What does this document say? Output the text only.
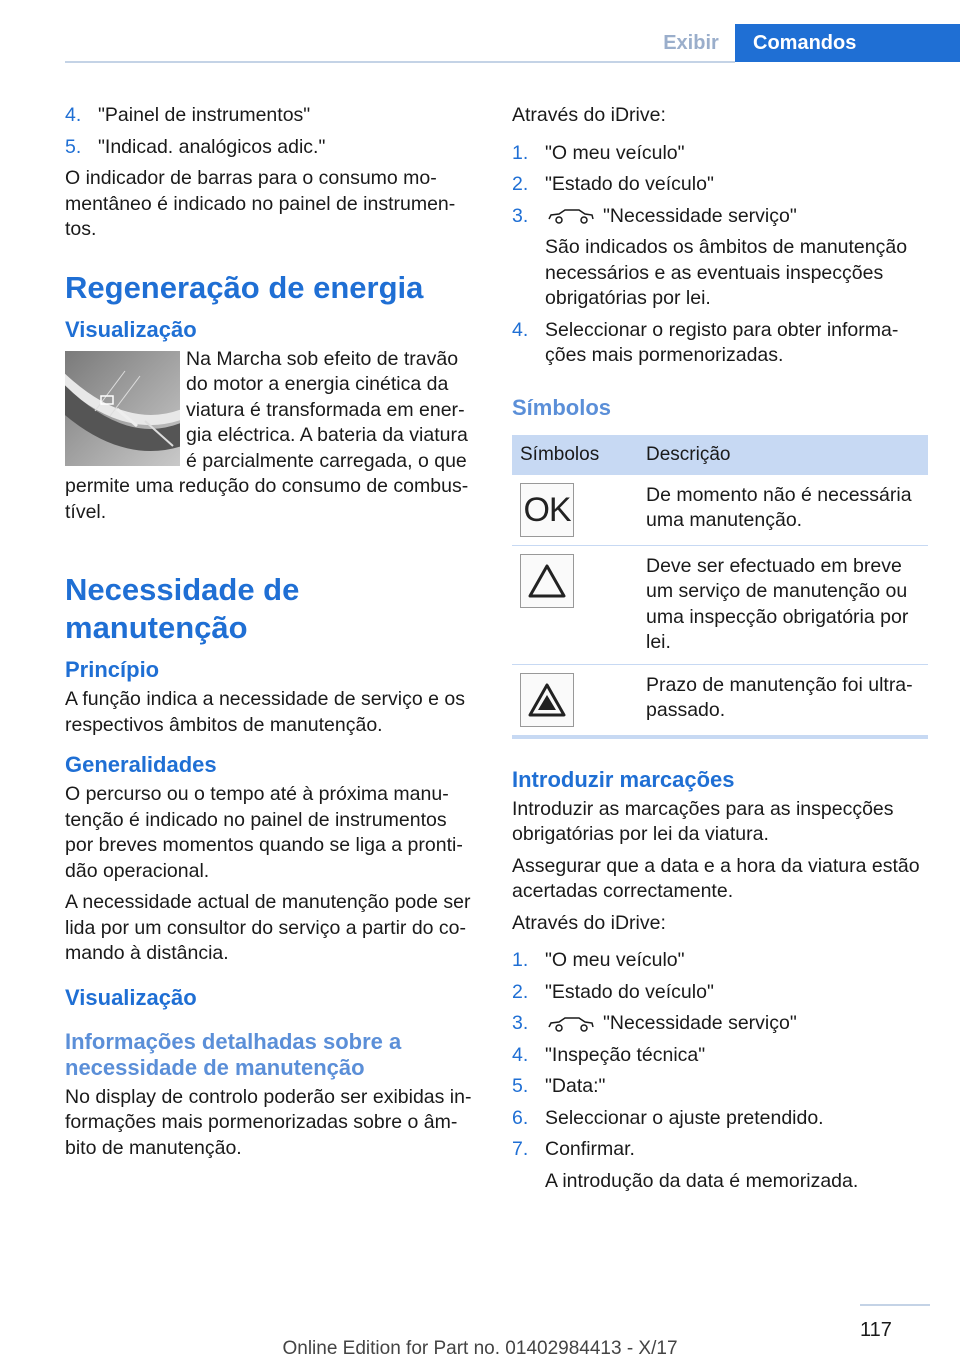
Exibir	Comandos
4. "Painel de instrumentos"
5. "Indicad. analógicos adic."

O indicador de barras para o consumo momentâneo é indicado no painel de instrumentos.

Regeneração de energia
Visualização

Na Marcha sob efeito de travão do motor a energia cinética da viatura é transformada em energia eléctrica. A bateria da viatura é parcialmente carregada, o que permite uma redução do consumo de combustível.

Necessidade de manutenção
Princípio

A função indica a necessidade de serviço e os respectivos âmbitos de manutenção.

Generalidades

O percurso ou o tempo até à próxima manutenção é indicado no painel de instrumentos por breves momentos quando se liga a prontidão operacional.

A necessidade actual de manutenção pode ser lida por um consultor do serviço a partir do comando à distância.

Visualização
Informações detalhadas sobre a necessidade de manutenção

No display de controlo poderão ser exibidas informações mais pormenorizadas sobre o âmbito de manutenção.

Através do iDrive:

1. "O meu veículo"
2. "Estado do veículo"
3.	"Necessidade serviço"
São indicados os âmbitos de manutenção necessários e as eventuais inspecções obrigatórias por lei.
4. Seleccionar o registo para obter informações mais pormenorizadas.
Símbolos
Símbolos	Descrição

OK	De momento não é necessária uma manutenção.

	Deve ser efectuado em breve um serviço de manutenção ou uma inspecção obrigatória por lei.

	Prazo de manutenção foi ultrapassado.
Introduzir marcações

Introduzir as marcações para as inspecções obrigatórias por lei da viatura.

Assegurar que a data e a hora da viatura estão acertadas correctamente.

Através do iDrive:

1. "O meu veículo"
2. "Estado do veículo"
3.	"Necessidade serviço"
4. "Inspeção técnica"
5. "Data:"
6. Seleccionar o ajuste pretendido.
7. Confirmar.
A introdução da data é memorizada.
117
Online Edition for Part no. 01402984413 - X/17
